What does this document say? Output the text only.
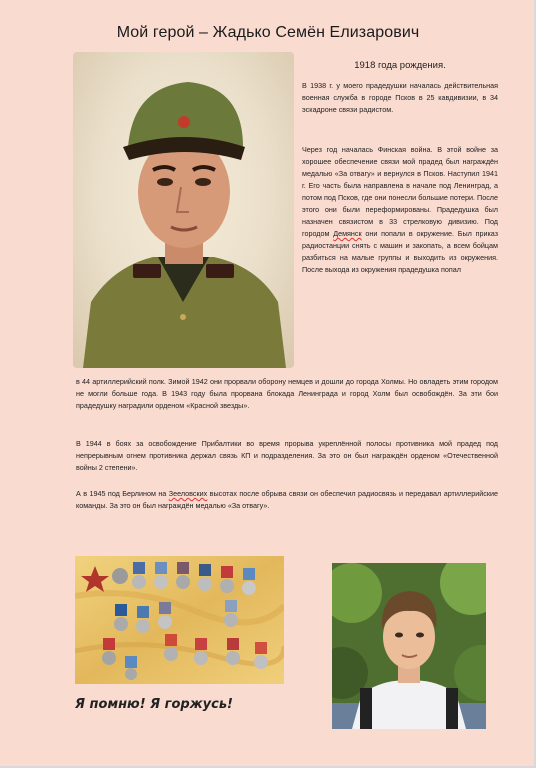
Мой герой – Жадько Семён Елизарович
1918 года рождения.

В 1938 г. у моего прадедушки началась действительная военная служба в городе Псков в 25 кавдивизии, в 34 эскадроне связи радистом.

Через год началась Финская война. В этой войне за хорошее обеспечение связи мой прадед был награждён медалью «За отвагу» и вернулся в Псков. Наступил 1941 г. Его часть была направлена в начале под Ленинград, а потом под Псков, где они понесли большие потери. После этого они были переформированы. Прадедушка был назначен связистом в 33 стрелковую дивизию. Под городом Демянск они попали в окружение. Был приказ радиостанции снять с машин и закопать, а всем бойцам разбиться на малые группы и выходить из окружения. После выхода из окружения прадедушка попал

в 44 артиллерийский полк. Зимой 1942 они прорвали оборону немцев и дошли до города Холмы. Но овладеть этим городом не могли больше года. В 1943 году была прорвана блокада Ленинграда и город Холм был освобождён. За эти бои прадедушку наградили орденом «Красной звезды».

В 1944 в боях за освобождение Прибалтики во время прорыва укреплённой полосы противника мой прадед под непрерывным огнем противника держал связь КП и подразделения. За это он был награждён орденом «Отечественной войны 2 степени».

А в 1945 под Берлином на Зееловских высотах после обрыва связи он обеспечил радиосвязь и передавал артиллерийские команды. За это он был награждён медалью «За отвагу».

Я помню! Я горжусь!
